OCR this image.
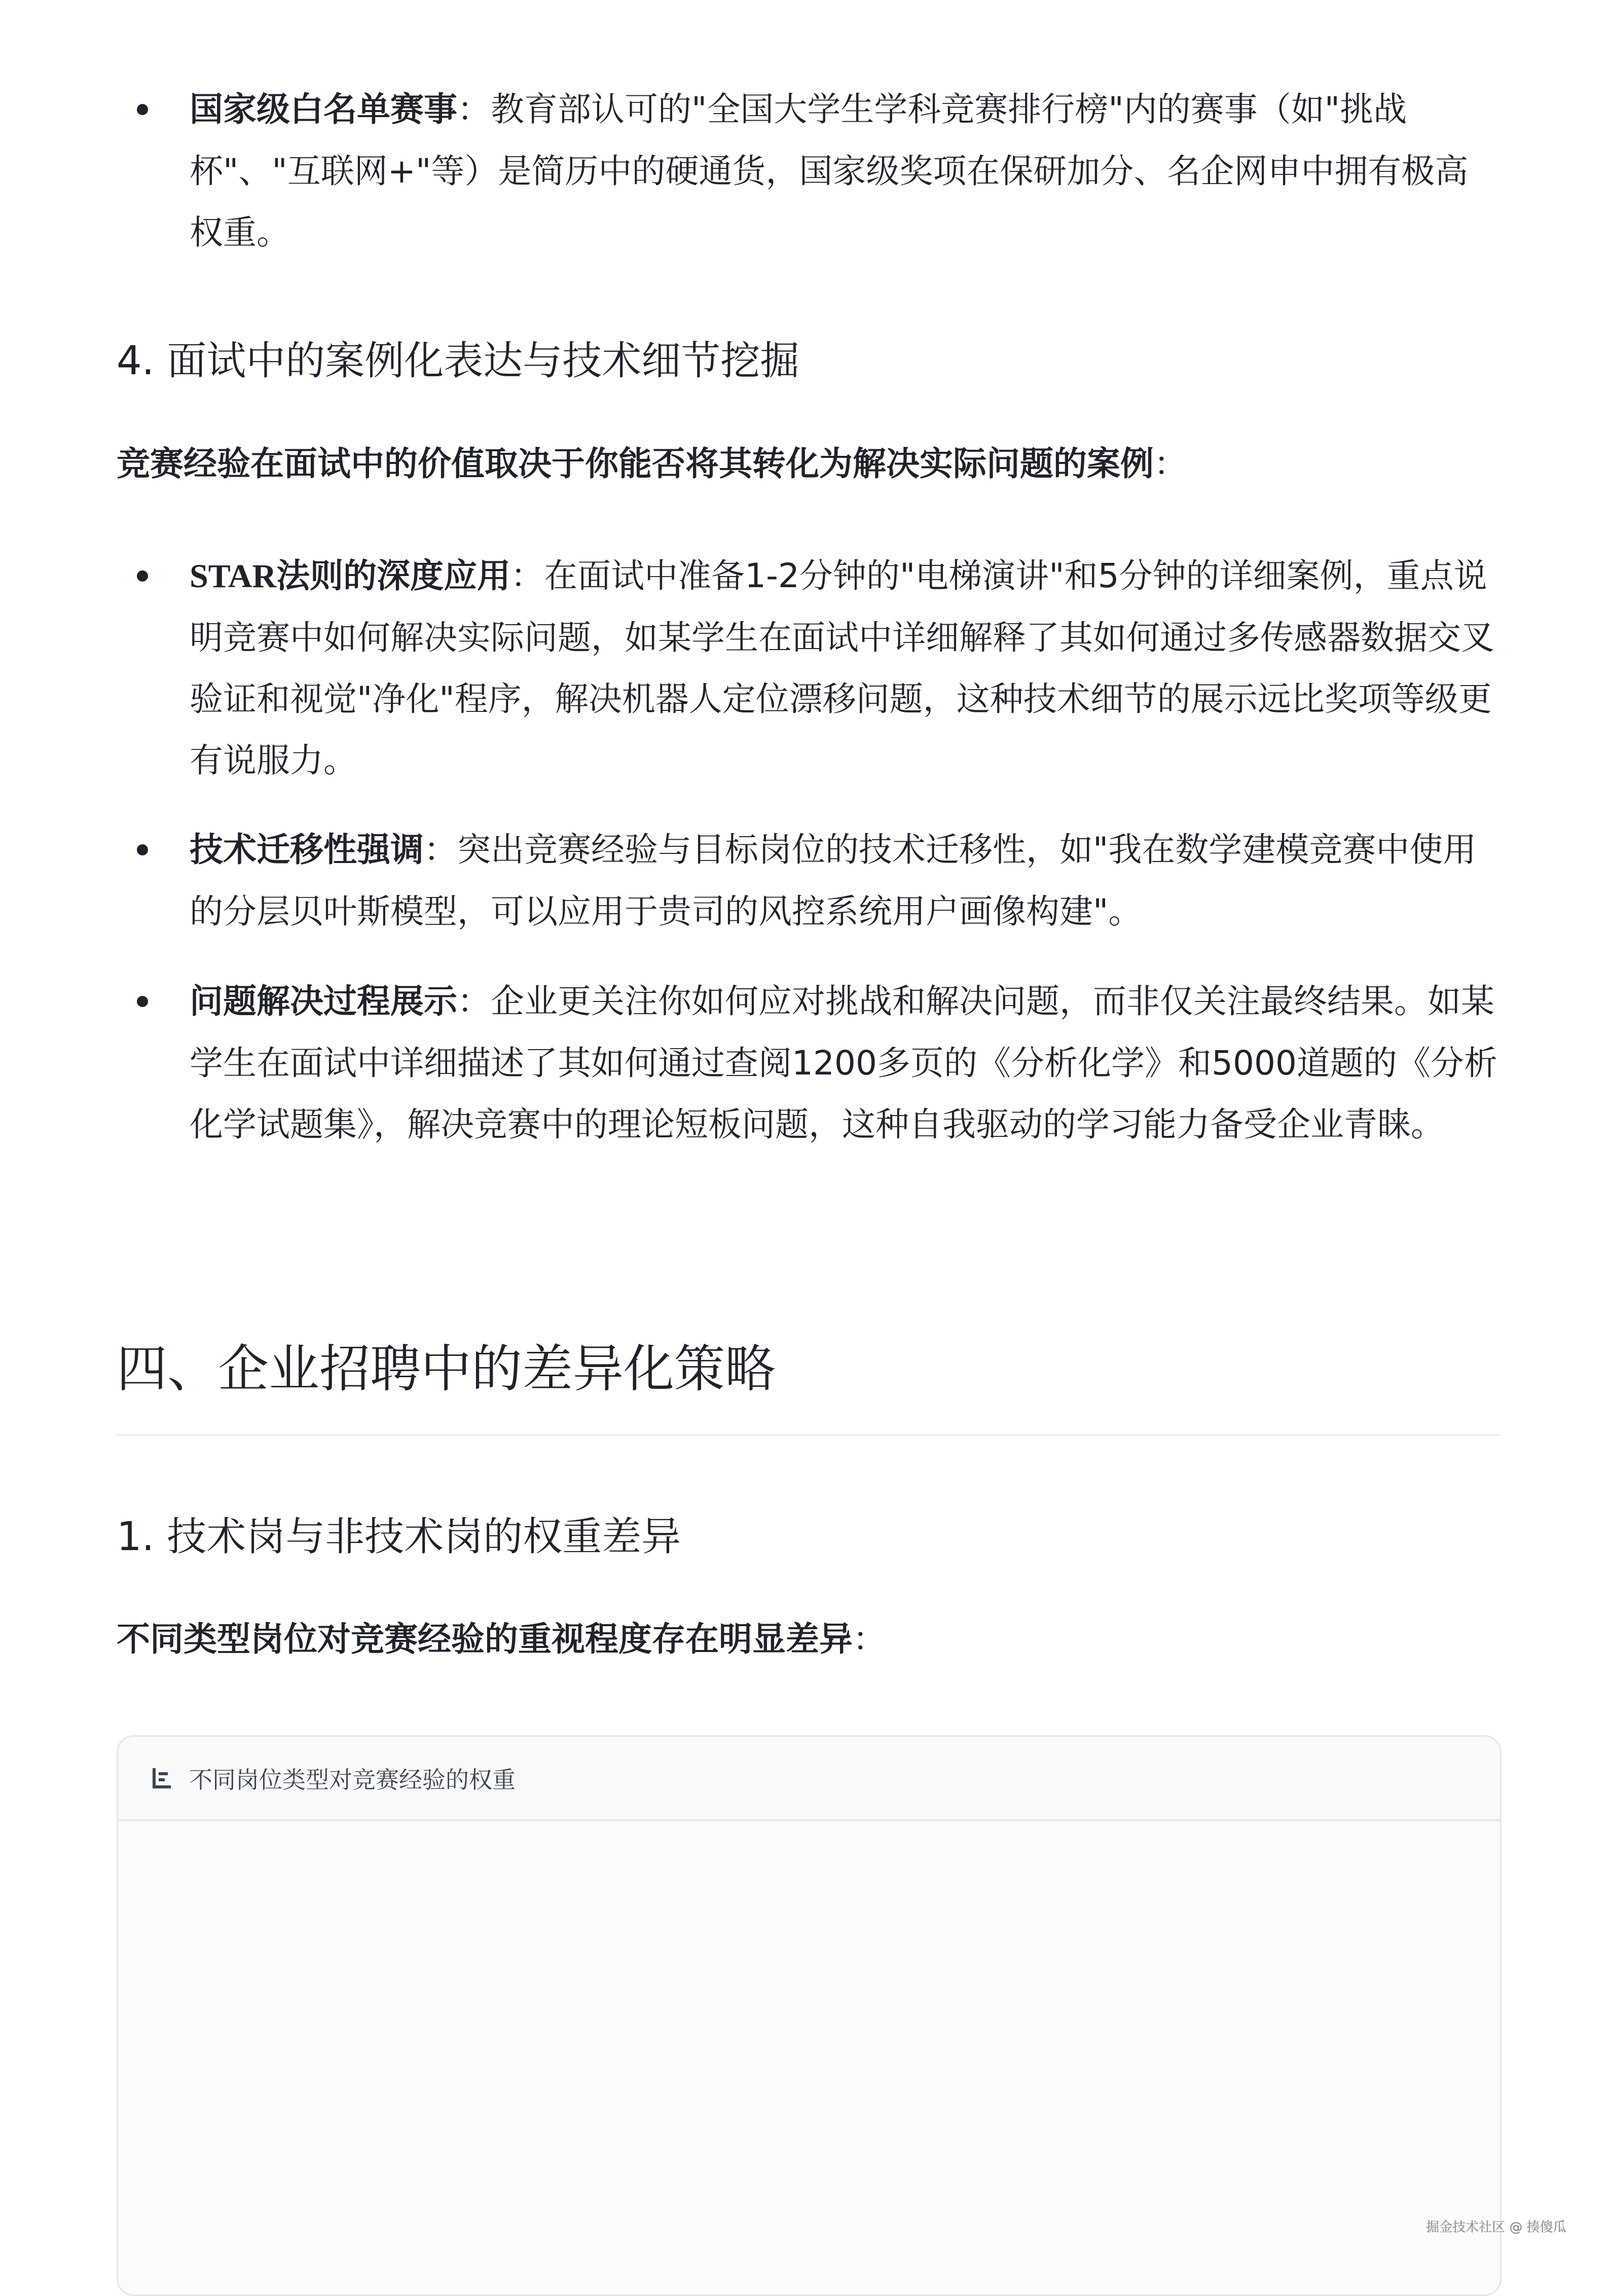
国家级白名单赛事：教育部认可的"全国大学生学科竞赛排行榜"内的赛事（如"挑战杯"、"互联网+"等）是简历中的硬通货，国家级奖项在保研加分、名企网申中拥有极高权重。
4. 面试中的案例化表达与技术细节挖掘
竞赛经验在面试中的价值取决于你能否将其转化为解决实际问题的案例：
STAR法则的深度应用：在面试中准备1-2分钟的"电梯演讲"和5分钟的详细案例，重点说明竞赛中如何解决实际问题，如某学生在面试中详细解释了其如何通过多传感器数据交叉验证和视觉"净化"程序，解决机器人定位漂移问题，这种技术细节的展示远比奖项等级更有说服力。
技术迁移性强调：突出竞赛经验与目标岗位的技术迁移性，如"我在数学建模竞赛中使用的分层贝叶斯模型，可以应用于贵司的风控系统用户画像构建"。
问题解决过程展示：企业更关注你如何应对挑战和解决问题，而非仅关注最终结果。如某学生在面试中详细描述了其如何通过查阅1200多页的《分析化学》和5000道题的《分析化学试题集》，解决竞赛中的理论短板问题，这种自我驱动的学习能力备受企业青睐。
四、企业招聘中的差异化策略
1. 技术岗与非技术岗的权重差异
不同类型岗位对竞赛经验的重视程度存在明显差异：
不同岗位类型对竞赛经验的权重
掘金技术社区 @ 揍傻瓜
